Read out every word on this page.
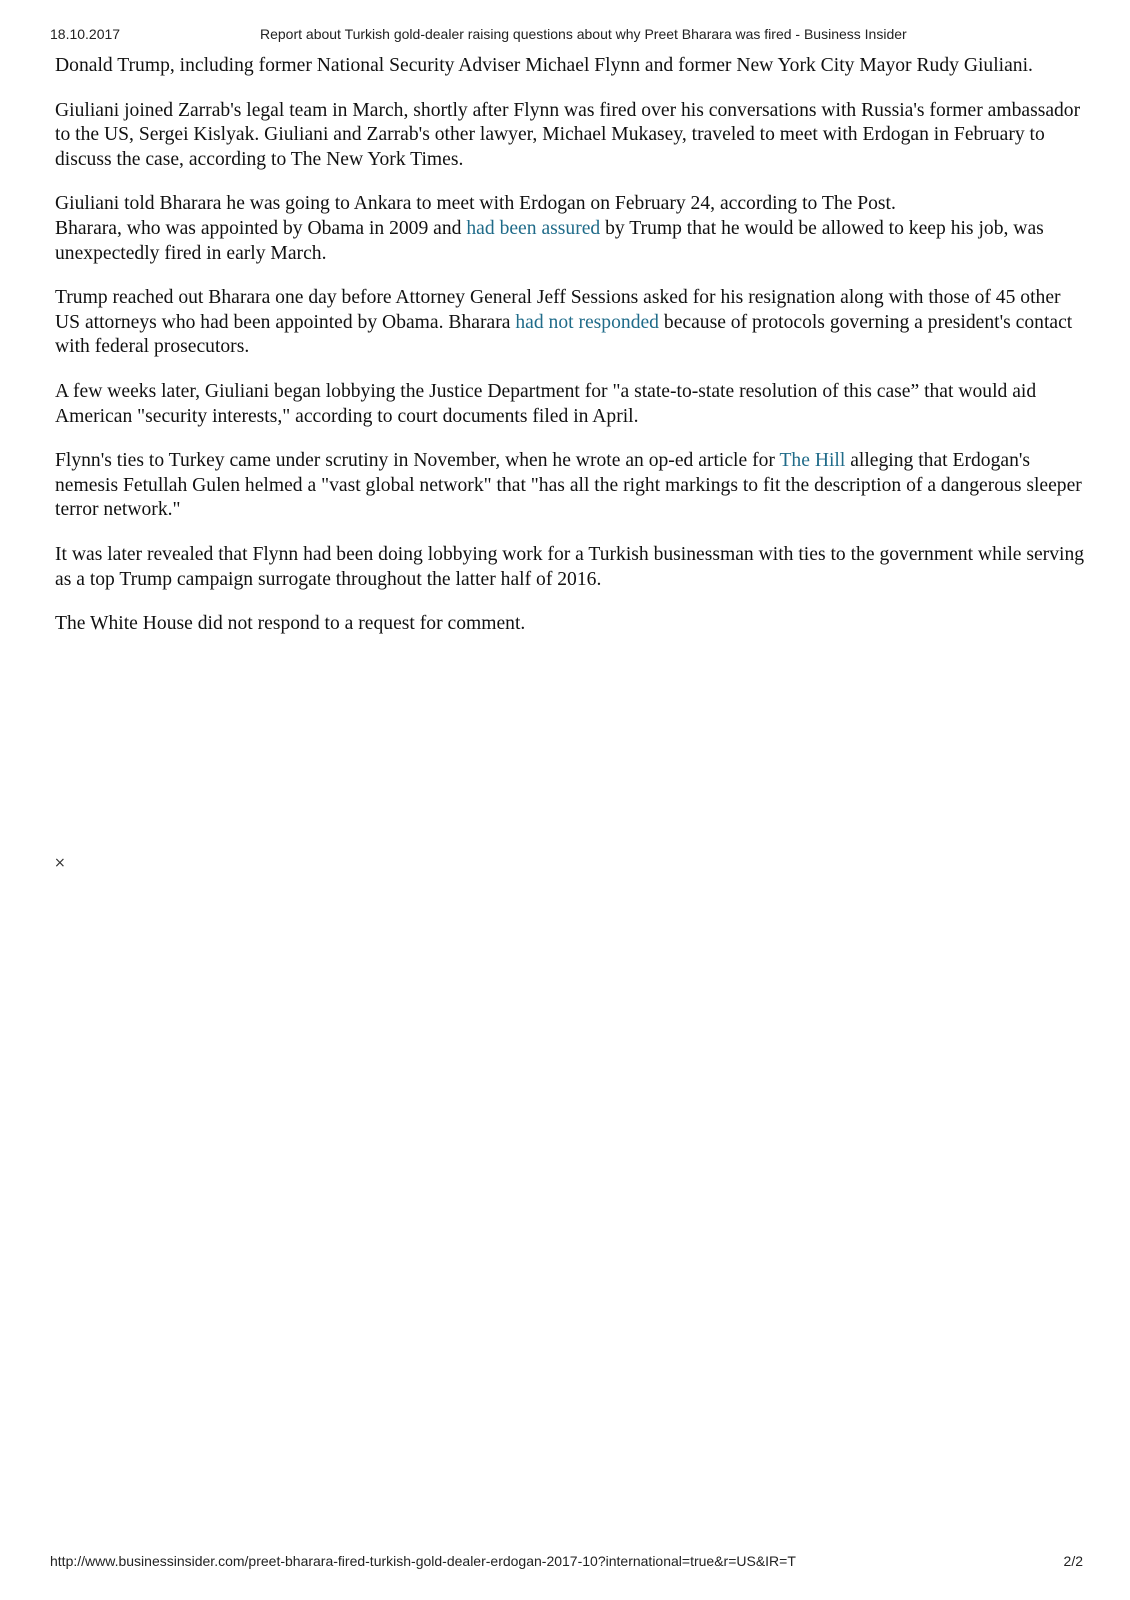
18.10.2017	Report about Turkish gold-dealer raising questions about why Preet Bharara was fired - Business Insider

Donald Trump, including former National Security Adviser Michael Flynn and former New York City Mayor Rudy Giuliani.

Giuliani joined Zarrab's legal team in March, shortly after Flynn was fired over his conversations with Russia's former ambassador to the US, Sergei Kislyak. Giuliani and Zarrab's other lawyer, Michael Mukasey, traveled to meet with Erdogan in February to discuss the case, according to The New York Times.

Giuliani told Bharara he was going to Ankara to meet with Erdogan on February 24, according to The Post.
Bharara, who was appointed by Obama in 2009 and had been assured by Trump that he would be allowed to keep his job, was unexpectedly fired in early March.

Trump reached out Bharara one day before Attorney General Jeff Sessions asked for his resignation along with those of 45 other US attorneys who had been appointed by Obama. Bharara had not responded because of protocols governing a president's contact with federal prosecutors.

A few weeks later, Giuliani began lobbying the Justice Department for "a state-to-state resolution of this case” that would aid American "security interests," according to court documents filed in April.

Flynn's ties to Turkey came under scrutiny in November, when he wrote an op-ed article for The Hill alleging that Erdogan's nemesis Fetullah Gulen helmed a "vast global network" that "has all the right markings to fit the description of a dangerous sleeper terror network."

It was later revealed that Flynn had been doing lobbying work for a Turkish businessman with ties to the government while serving as a top Trump campaign surrogate throughout the latter half of 2016.

The White House did not respond to a request for comment.

×
http://www.businessinsider.com/preet-bharara-fired-turkish-gold-dealer-erdogan-2017-10?international=true&r=US&IR=T	2/2
